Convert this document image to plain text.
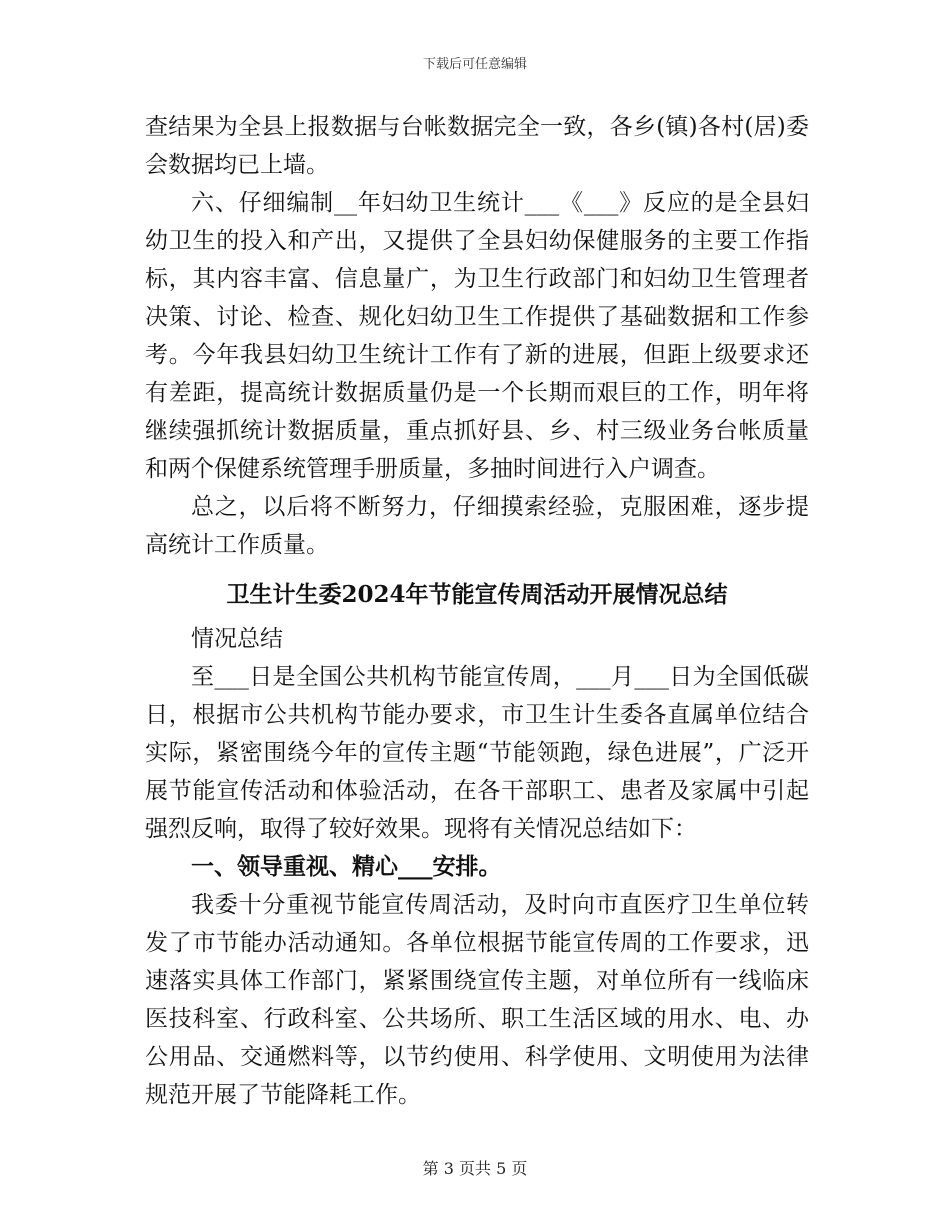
下载后可任意编辑

查结果为全县上报数据与台帐数据完全一致，各乡(镇)各村(居)委会数据均已上墙。

六、仔细编制__年妇幼卫生统计___《___》反应的是全县妇幼卫生的投入和产出，又提供了全县妇幼保健服务的主要工作指标，其内容丰富、信息量广，为卫生行政部门和妇幼卫生管理者决策、讨论、检查、规化妇幼卫生工作提供了基础数据和工作参考。今年我县妇幼卫生统计工作有了新的进展，但距上级要求还有差距，提高统计数据质量仍是一个长期而艰巨的工作，明年将继续强抓统计数据质量，重点抓好县、乡、村三级业务台帐质量和两个保健系统管理手册质量，多抽时间进行入户调查。

总之，以后将不断努力，仔细摸索经验，克服困难，逐步提高统计工作质量。

卫生计生委2024年节能宣传周活动开展情况总结

情况总结

至___日是全国公共机构节能宣传周，___月___日为全国低碳日，根据市公共机构节能办要求，市卫生计生委各直属单位结合实际，紧密围绕今年的宣传主题“节能领跑，绿色进展”，广泛开展节能宣传活动和体验活动，在各干部职工、患者及家属中引起强烈反响，取得了较好效果。现将有关情况总结如下：

一、领导重视、精心___安排。

我委十分重视节能宣传周活动，及时向市直医疗卫生单位转发了市节能办活动通知。各单位根据节能宣传周的工作要求，迅速落实具体工作部门，紧紧围绕宣传主题，对单位所有一线临床医技科室、行政科室、公共场所、职工生活区域的用水、电、办公用品、交通燃料等，以节约使用、科学使用、文明使用为法律规范开展了节能降耗工作。

第 3 页共 5 页
